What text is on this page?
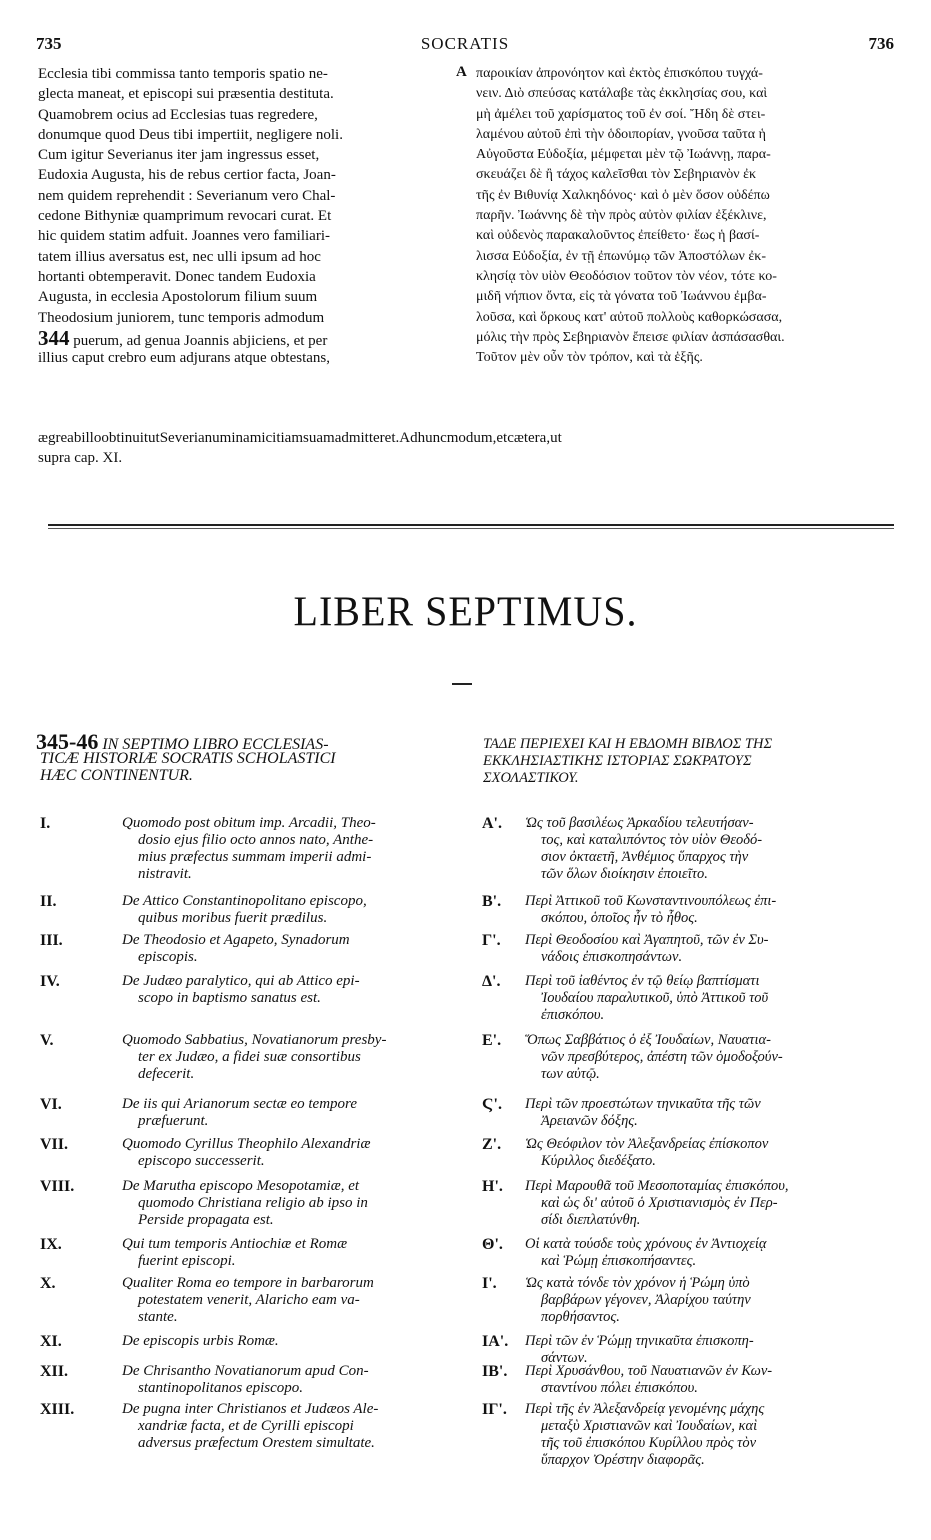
735	SOCRATIS	736
Ecclesia tibi commissa tanto temporis spatio ne-
glecta maneat, et episcopi sui præsentia destituta.
Quamobrem ocius ad Ecclesias tuas regredere,
donumque quod Deus tibi impertiit, negligere noli.
Cum igitur Severianus iter jam ingressus esset,
Eudoxia Augusta, his de rebus certior facta, Joan-
nem quidem reprehendit : Severianum vero Chal-
cedone Bithyniæ quamprimum revocari curat. Et
hic quidem statim adfuit. Joannes vero familiari-
tatem illius aversatus est, nec ulli ipsum ad hoc
hortanti obtemperavit. Donec tandem Eudoxia
Augusta, in ecclesia Apostolorum filium suum
Theodosium juniorem, tunc temporis admodum
344 puerum, ad genua Joannis abjiciens, et per
illius caput crebro eum adjurans atque obtestans,
A παροικίαν ἀπρονόητον καὶ ἐκτὸς ἐπισκόπου τυγχά-
νειν. Διὸ σπεύσας κατάλαβε τὰς ἐκκλησίας σου, καὶ
μὴ ἀμέλει τοῦ χαρίσματος τοῦ ἐν σοί. Ἤδη δὲ στει-
λαμένου αὐτοῦ ἐπὶ τὴν ὁδοιπορίαν, γνοῦσα ταῦτα ἡ
Αὐγοῦστα Εὐδοξία, μέμφεται μὲν τῷ Ἰωάννῃ, παρα-
σκευάζει δὲ ἢ τάχος καλεῖσθαι τὸν Σεβηριανὸν ἐκ
τῆς ἐν Βιθυνίᾳ Χαλκηδόνος· καὶ ὁ μὲν ὅσον οὐδέπω
παρῆν. Ἰωάννης δὲ τὴν πρὸς αὐτὸν φιλίαν ἐξέκλινε,
καὶ οὐδενὸς παρακαλοῦντος ἐπείθετο· ἕως ἡ βασί-
λισσα Εὐδοξία, ἐν τῇ ἐπωνύμῳ τῶν Ἀποστόλων ἐκ-
κλησίᾳ τὸν υἱὸν Θεοδόσιον τοῦτον τὸν νέον, τότε κο-
μιδῆ νήπιον ὄντα, εἰς τὰ γόνατα τοῦ Ἰωάννου ἐμβα-
λοῦσα, καὶ ὅρκους κατ' αὐτοῦ πολλοὺς καθορκώσασα,
μόλις τὴν πρὸς Σεβηριανὸν ἔπεισε φιλίαν ἀσπάσασθαι.
Τοῦτον μὲν οὖν τὸν τρόπον, καὶ τὰ ἑξῆς.
ægreabilloobtinuitutSeverianuminamicitiamsuamadmitteret.Adhuncmodum,etcætera,ut
supra cap. XI.
LIBER SEPTIMUS.
345-46 IN SEPTIMO LIBRO ECCLESIAS-
TICÆ HISTORIÆ SOCRATIS SCHOLASTICI
HÆC CONTINENTUR.
ΤΑΔΕ ΠΕΡΙΕΧΕΙ ΚΑΙ Η ΕΒΔΟΜΗ ΒΙΒΛΟΣ ΤΗΣ
ΕΚΚΛΗΣΙΑΣΤΙΚΗΣ ΙΣΤΟΡΙΑΣ ΣΩΚΡΑΤΟΥΣ
ΣΧΟΛΑΣΤΙΚΟΥ.
I.	Quomodo post obitum imp. Arcadii, Theo-
dosio ejus filio octo annos nato, Anthe-
mius præfectus summam imperii admi-
nistravit.
Α'. Ὡς τοῦ βασιλέως Ἀρκαδίου τελευτήσαν-
τος, καὶ καταλιπόντος τὸν υἱὸν Θεοδό-
σιον ὀκταετῆ, Ἀνθέμιος ὕπαρχος τὴν
τῶν ὅλων διοίκησιν ἐποιεῖτο.
II.	De Attico Constantinopolitano episcopo,
quibus moribus fuerit prædilus.
Β'. Περὶ Ἀττικοῦ τοῦ Κωνσταντινουπόλεως ἐπι-
σκόπου, ὁποῖος ἦν τὸ ἦθος.
III.	De Theodosio et Agapeto, Synadorum
episcopis.
Γ'. Περὶ Θεοδοσίου καὶ Ἀγαπητοῦ, τῶν ἐν Συ-
νάδοις ἐπισκοπησάντων.
IV.	De Judæo paralytico, qui ab Attico epi-
scopo in baptismo sanatus est.
Δ'. Περὶ τοῦ ἰαθέντος ἐν τῷ θείῳ βαπτίσματι
Ἰουδαίου παραλυτικοῦ, ὑπὸ Ἀττικοῦ τοῦ
ἐπισκόπου.
V.	Quomodo Sabbatius, Novatianorum presby-
ter ex Judæo, a fidei suæ consortibus
defecerit.
Ε'. Ὅπως Σαββάτιος ὁ ἐξ Ἰουδαίων, Ναυατια-
νῶν πρεσβύτερος, ἀπέστη τῶν ὁμοδοξούν-
των αὐτῷ.
VI.	De iis qui Arianorum sectæ eo tempore
præfuerunt.
Ϛ'. Περὶ τῶν προεστώτων τηνικαῦτα τῆς τῶν
Ἀρειανῶν δόξης.
VII.	Quomodo Cyrillus Theophilo Alexandriæ
episcopo successerit.
Ζ'. Ὡς Θεόφιλον τὸν Ἀλεξανδρείας ἐπίσκοπον
Κύριλλος διεδέξατο.
VIII.	De Marutha episcopo Mesopotamiæ, et
quomodo Christiana religio ab ipso in
Perside propagata est.
Η'. Περὶ Μαρουθᾶ τοῦ Μεσοποταμίας ἐπισκόπου,
καὶ ὡς δι' αὐτοῦ ὁ Χριστιανισμὸς ἐν Περ-
σίδι διεπλατύνθη.
IX.	Qui tum temporis Antiochiæ et Romæ
fuerint episcopi.
Θ'. Οἱ κατὰ τούσδε τοὺς χρόνους ἐν Ἀντιοχείᾳ
καὶ Ῥώμῃ ἐπισκοπήσαντες.
X.	Qualiter Roma eo tempore in barbarorum
potestatem venerit, Alaricho eam va-
stante.
Ι'. Ὡς κατὰ τόνδε τὸν χρόνον ἡ Ῥώμη ὑπὸ
βαρβάρων γέγονεν, Ἀλαρίχου ταύτην
πορθήσαντος.
XI.	De episcopis urbis Romæ.	ΙΑ'. Περὶ τῶν ἐν Ῥώμῃ τηνικαῦτα ἐπισκοπη-
σάντων.
XII.	De Chrisantho Novatianorum apud Con-
stantinopolitanos episcopo.
ΙΒ'. Περὶ Χρυσάνθου, τοῦ Ναυατιανῶν ἐν Κων-
σταντίνου πόλει ἐπισκόπου.
XIII.	De pugna inter Christianos et Judæos Ale-
xandriæ facta, et de Cyrilli episcopi
adversus præfectum Orestem simultate.
ΙΓ'. Περὶ τῆς ἐν Ἀλεξανδρείᾳ γενομένης μάχης
μεταξὺ Χριστιανῶν καὶ Ἰουδαίων, καὶ
τῆς τοῦ ἐπισκόπου Κυρίλλου πρὸς τὸν
ὕπαρχον Ὀρέστην διαφορᾶς.
